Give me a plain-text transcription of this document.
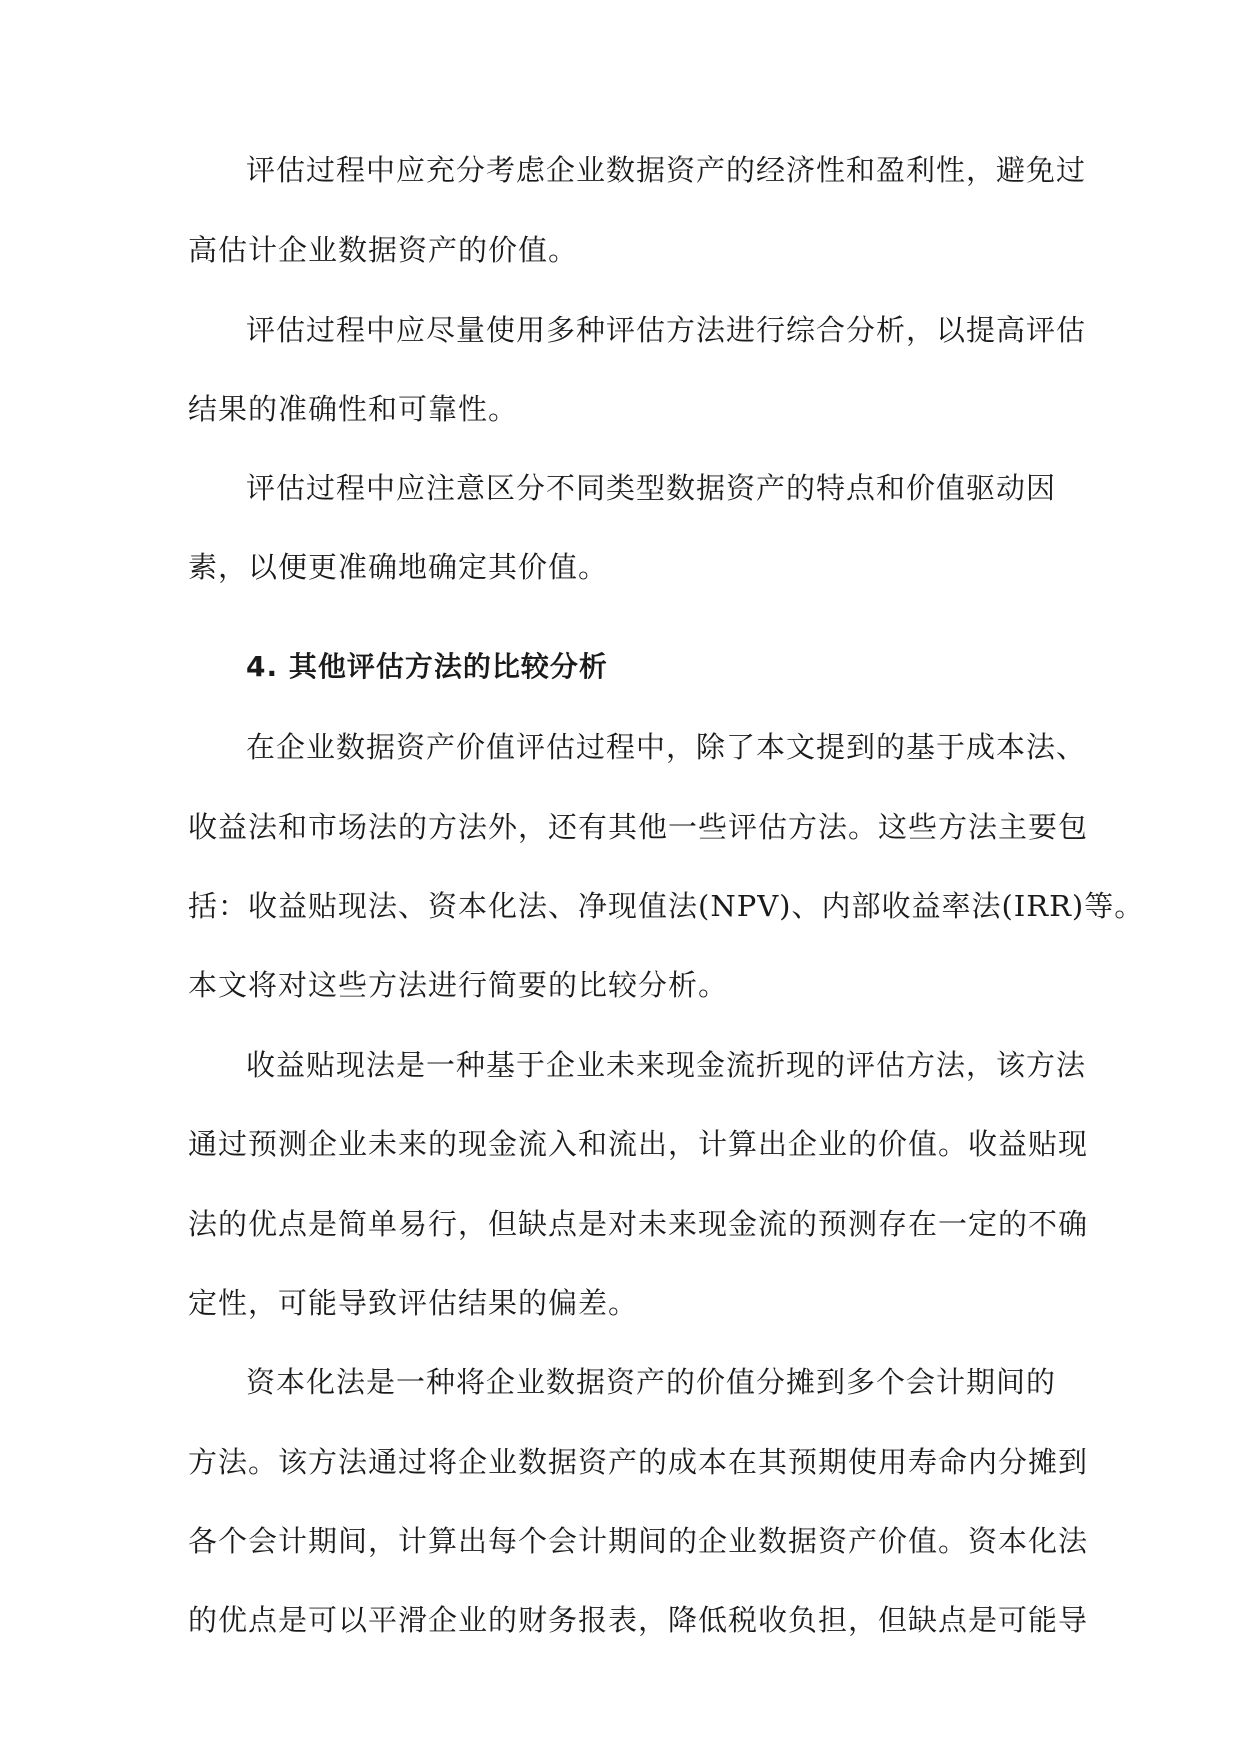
评估过程中应充分考虑企业数据资产的经济性和盈利性，避免过
高估计企业数据资产的价值。
评估过程中应尽量使用多种评估方法进行综合分析，以提高评估
结果的准确性和可靠性。
评估过程中应注意区分不同类型数据资产的特点和价值驱动因
素，以便更准确地确定其价值。
4. 其他评估方法的比较分析
在企业数据资产价值评估过程中，除了本文提到的基于成本法、
收益法和市场法的方法外，还有其他一些评估方法。这些方法主要包
括：收益贴现法、资本化法、净现值法(NPV)、内部收益率法(IRR)等。
本文将对这些方法进行简要的比较分析。
收益贴现法是一种基于企业未来现金流折现的评估方法，该方法
通过预测企业未来的现金流入和流出，计算出企业的价值。收益贴现
法的优点是简单易行，但缺点是对未来现金流的预测存在一定的不确
定性，可能导致评估结果的偏差。
资本化法是一种将企业数据资产的价值分摊到多个会计期间的
方法。该方法通过将企业数据资产的成本在其预期使用寿命内分摊到
各个会计期间，计算出每个会计期间的企业数据资产价值。资本化法
的优点是可以平滑企业的财务报表，降低税收负担，但缺点是可能导
